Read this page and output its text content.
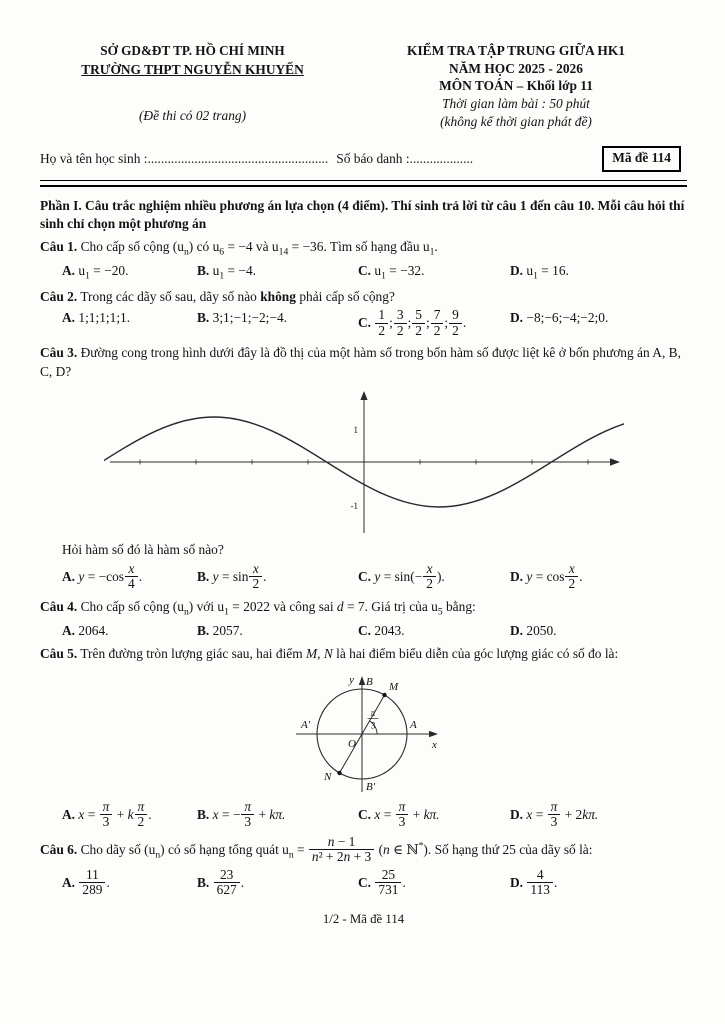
SỞ GD&ĐT TP. HỒ CHÍ MINH
TRƯỜNG THPT NGUYỄN KHUYẾN
(Đề thi có 02 trang)
KIỂM TRA TẬP TRUNG GIỮA HK1
NĂM HỌC 2025 - 2026
MÔN TOÁN – Khối lớp 11
Thời gian làm bài : 50 phút
(không kể thời gian phát đề)
Họ và tên học sinh :...................................................... Số báo danh :...................	Mã đề 114

Phần I. Câu trắc nghiệm nhiều phương án lựa chọn (4 điểm). Thí sinh trả lời từ câu 1 đến câu 10. Mỗi câu hỏi thí sinh chỉ chọn một phương án

Câu 1. Cho cấp số cộng $(u_n)$ có $u_6 = -4$ và $u_{14} = -36$. Tìm số hạng đầu $u_1$.

A. $u_1 = -20$.	B. $u_1 = -4$.	C. $u_1 = -32$.	D. $u_1 = 16$.

Câu 2. Trong các dãy số sau, dãy số nào không phải cấp số cộng?

A. 1;1;1;1;1.	B. 3;1;−1;−2;−4.	C. $\frac{1}{2}$ ; $\frac{3}{2}$ ; $\frac{5}{2}$ ; $\frac{7}{2}$ ; $\frac{9}{2}$ .	D. −8;−6;−4;−2;0.

Câu 3. Đường cong trong hình dưới đây là đồ thị của một hàm số trong bốn hàm số được liệt kê ở bốn phương án A, B, C, D?

1
-1

Hỏi hàm số đó là hàm số nào?

A. $y = -\cos \frac{x}{4}$ .	B. $y = \sin \frac{x}{2}$ .	C. $y = \sin(- \frac{x}{2}$ ).	D. $y = \cos \frac{x}{2}$ .

Câu 4. Cho cấp số cộng $(u_n)$ với $u_1 = 2022$ và công sai d = 7. Giá trị của $u_5$ bằng:

A. 2064.	B. 2057.	C. 2043.	D. 2050.

Câu 5. Trên đường tròn lượng giác sau, hai điểm M, N là hai điểm biểu diễn của góc lượng giác có số đo là:

y
x
B M
A
A′
O
B′
N
π
3
A. $x = \frac{\pi}{3} + k \frac{\pi}{2}$ .	B. x = − $\frac{\pi}{3} + k\pi$.	C. $x = \frac{\pi}{3} + k\pi$.	D. $x = \frac{\pi}{3} + 2k\pi$.

Câu 6. Cho dãy số $(u_n)$ có số hạng tổng quát $u_n = \frac{n - 1}{\text{n² + 2n + 3}} (n$ ∈ ℕ*). Số hạng thứ 25 của dãy số là:

A. $\frac{11}{289}$ .	B. $\frac{23}{627}$ .	C. $\frac{25}{731}$ .	D. $\frac{4}{113}$ .

1/2 - Mã đề 114
